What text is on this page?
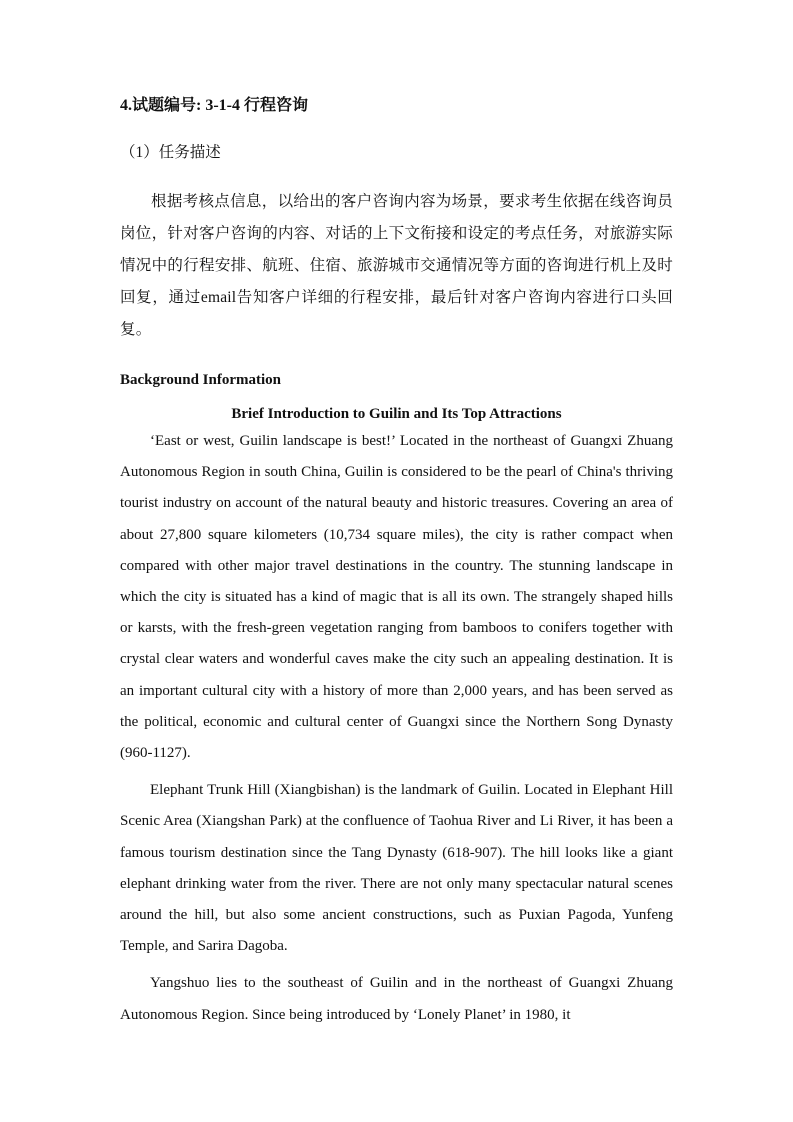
4.试题编号: 3-1-4 行程咨询

（1）任务描述

根据考核点信息，以给出的客户咨询内容为场景，要求考生依据在线咨询员岗位，针对客户咨询的内容、对话的上下文衔接和设定的考点任务，对旅游实际情况中的行程安排、航班、住宿、旅游城市交通情况等方面的咨询进行机上及时回复，通过email告知客户详细的行程安排，最后针对客户咨询内容进行口头回复。

Background Information

Brief Introduction to Guilin and Its Top Attractions

‘East or west, Guilin landscape is best!’ Located in the northeast of Guangxi Zhuang Autonomous Region in south China, Guilin is considered to be the pearl of China's thriving tourist industry on account of the natural beauty and historic treasures. Covering an area of about 27,800 square kilometers (10,734 square miles), the city is rather compact when compared with other major travel destinations in the country. The stunning landscape in which the city is situated has a kind of magic that is all its own. The strangely shaped hills or karsts, with the fresh-green vegetation ranging from bamboos to conifers together with crystal clear waters and wonderful caves make the city such an appealing destination. It is an important cultural city with a history of more than 2,000 years, and has been served as the political, economic and cultural center of Guangxi since the Northern Song Dynasty (960-1127).

Elephant Trunk Hill (Xiangbishan) is the landmark of Guilin. Located in Elephant Hill Scenic Area (Xiangshan Park) at the confluence of Taohua River and Li River, it has been a famous tourism destination since the Tang Dynasty (618-907). The hill looks like a giant elephant drinking water from the river. There are not only many spectacular natural scenes around the hill, but also some ancient constructions, such as Puxian Pagoda, Yunfeng Temple, and Sarira Dagoba.

Yangshuo lies to the southeast of Guilin and in the northeast of Guangxi Zhuang Autonomous Region. Since being introduced by ‘Lonely Planet’ in 1980, it
